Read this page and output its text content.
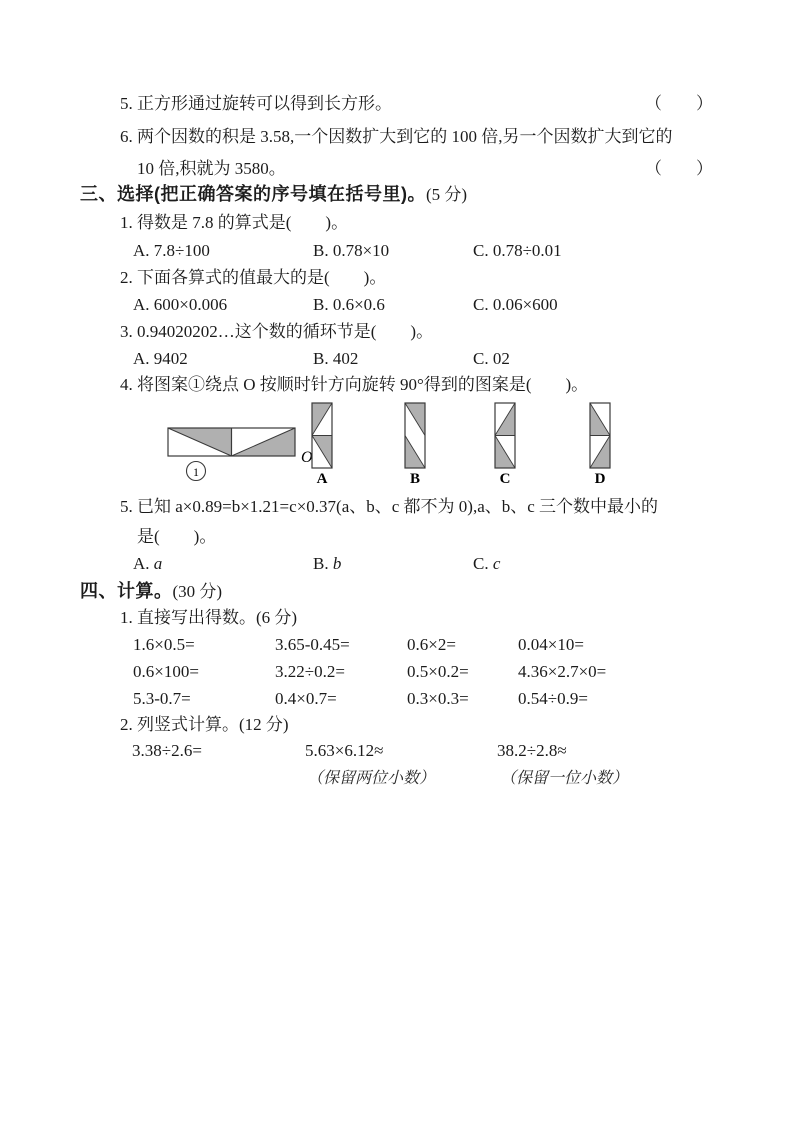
5. 正方形通过旋转可以得到长方形。	（　　）
6. 两个因数的积是 3.58,一个因数扩大到它的 100 倍,另一个因数扩大到它的
10 倍,积就为 3580。	（　　）
三、选择(把正确答案的序号填在括号里)。(5 分)
1. 得数是 7.8 的算式是(　　)。
A. 7.8÷100	B. 0.78×10	C. 0.78÷0.01
2. 下面各算式的值最大的是(　　)。
A. 600×0.006	B. 0.6×0.6	C. 0.06×600
3. 0.94020202…这个数的循环节是(　　)。
A. 9402	B. 402	C. 02
4. 将图案①绕点 O 按顺时针方向旋转 90°得到的图案是(　　)。
1
O
A	B	C	D
5. 已知 a×0.89=b×1.21=c×0.37(a、b、c 都不为 0),a、b、c 三个数中最小的
是(　　)。
A. a	B. b	C. c
四、计算。(30 分)
1. 直接写出得数。(6 分)
1.6×0.5=	3.65-0.45=	0.6×2=	0.04×10=
0.6×100=	3.22÷0.2=	0.5×0.2=	4.36×2.7×0=
5.3-0.7=	0.4×0.7=	0.3×0.3=	0.54÷0.9=
2. 列竖式计算。(12 分)
3.38÷2.6=	5.63×6.12≈	38.2÷2.8≈
（保留两位小数）	（保留一位小数）
